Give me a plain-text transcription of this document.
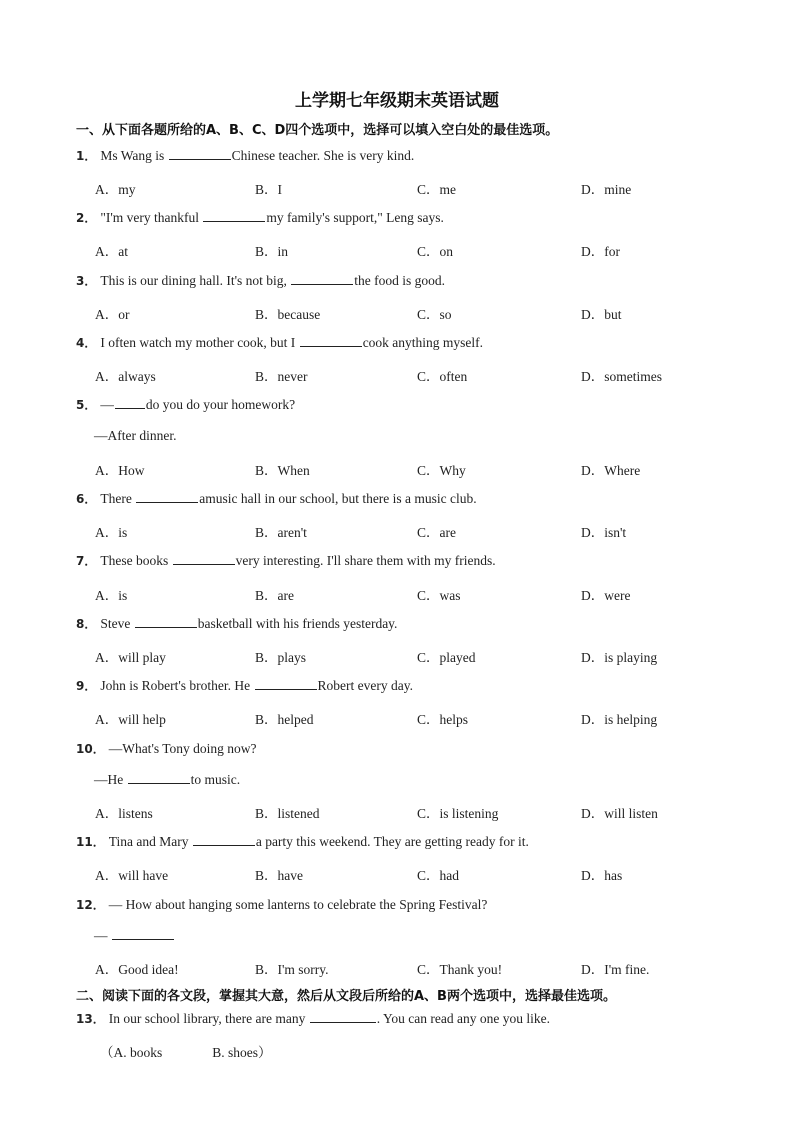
上学期七年级期末英语试题
一、从下面各题所给的A、B、C、D四个选项中，选择可以填入空白处的最佳选项。
1． Ms Wang is	Chinese teacher. She is very kind.
A．my	B．I	C．me	D．mine
2． "I'm very thankful	my family's support," Leng says.
A．at	B．in	C．on	D．for
3． This is our dining hall. It's not big,	the food is good.
A．or	B．because	C．so	D．but
4． I often watch my mother cook, but I	cook anything myself.
A．always	B．never	C．often	D．sometimes
5． — do you do your homework?
—After dinner.
A．How	B．When	C．Why	D．Where
6． There	amusic hall in our school, but there is a music club.
A．is	B．aren't	C．are	D．isn't
7． These books	very interesting. I'll share them with my friends.
A．is	B．are	C．was	D．were
8． Steve	basketball with his friends yesterday.
A．will play	B．plays	C．played	D．is playing
9． John is Robert's brother. He	Robert every day.
A．will help	B．helped	C．helps	D．is helping
10． —What's Tony doing now?
—He	to music.
A．listens	B．listened	C．is listening	D．will listen
11． Tina and Mary	a party this weekend. They are getting ready for it.
A．will have	B．have	C．had	D．has
12． — How about hanging some lanterns to celebrate the Spring Festival?
—
A．Good idea!	B．I'm sorry.	C．Thank you!	D．I'm fine.
二、阅读下面的各文段，掌握其大意，然后从文段后所给的A、B两个选项中，选择最佳选项。
13． In our school library, there are many	. You can read any one you like.
（A. books	B. shoes）
